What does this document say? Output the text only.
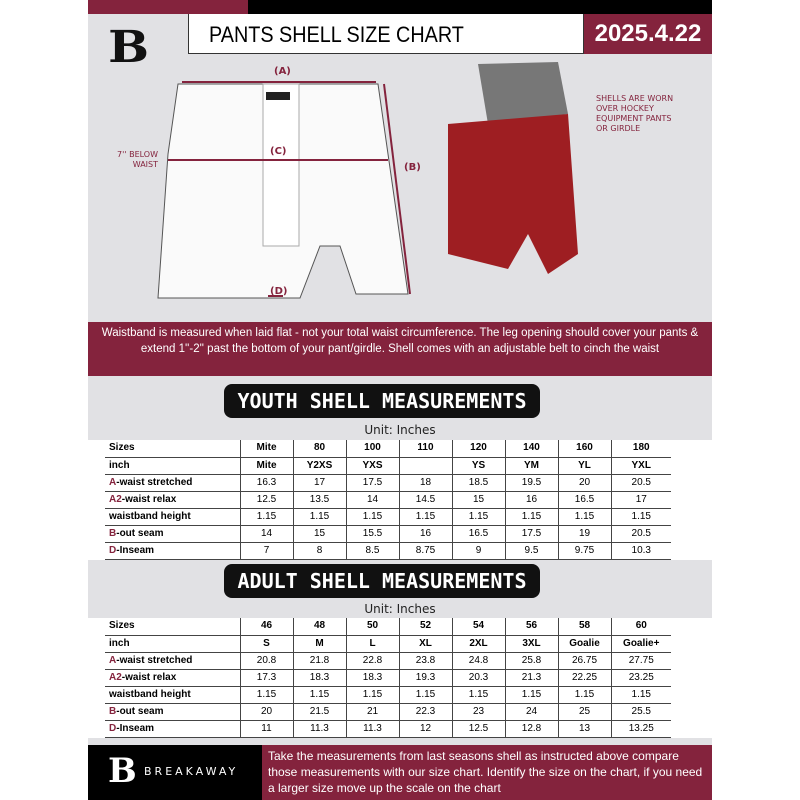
B	PANTS SHELL SIZE CHART	2025.4.22
(A)
(C)
(B)
(D)
7'' BELOW WAIST
SHELLS ARE WORN OVER HOCKEY EQUIPMENT PANTS OR GIRDLE
Waistband is measured when laid flat - not your total waist circumference. The leg opening should cover your pants & extend 1''-2'' past the bottom of your pant/girdle. Shell comes with an adjustable belt to cinch the waist
YOUTH SHELL MEASUREMENTS
Unit: Inches
Sizes	Mite	80	100	110	120	140	160	180
inch	Mite	Y2XS	YXS		YS	YM	YL	YXL
A-waist stretched	16.3	17	17.5	18	18.5	19.5	20	20.5
A2-waist relax	12.5	13.5	14	14.5	15	16	16.5	17
waistband height	1.15	1.15	1.15	1.15	1.15	1.15	1.15	1.15
B-out seam	14	15	15.5	16	16.5	17.5	19	20.5
D-Inseam	7	8	8.5	8.75	9	9.5	9.75	10.3
ADULT SHELL MEASUREMENTS
Unit: Inches
Sizes	46	48	50	52	54	56	58	60
inch	S	M	L	XL	2XL	3XL	Goalie	Goalie+
A-waist stretched	20.8	21.8	22.8	23.8	24.8	25.8	26.75	27.75
A2-waist relax	17.3	18.3	18.3	19.3	20.3	21.3	22.25	23.25
waistband height	1.15	1.15	1.15	1.15	1.15	1.15	1.15	1.15
B-out seam	20	21.5	21	22.3	23	24	25	25.5
D-Inseam	11	11.3	11.3	12	12.5	12.8	13	13.25
B BREAKAWAY
Take the measurements from last seasons shell as instructed above compare those measurements with our size chart. Identify the size on the chart, if you need a larger size move up the scale on the chart
